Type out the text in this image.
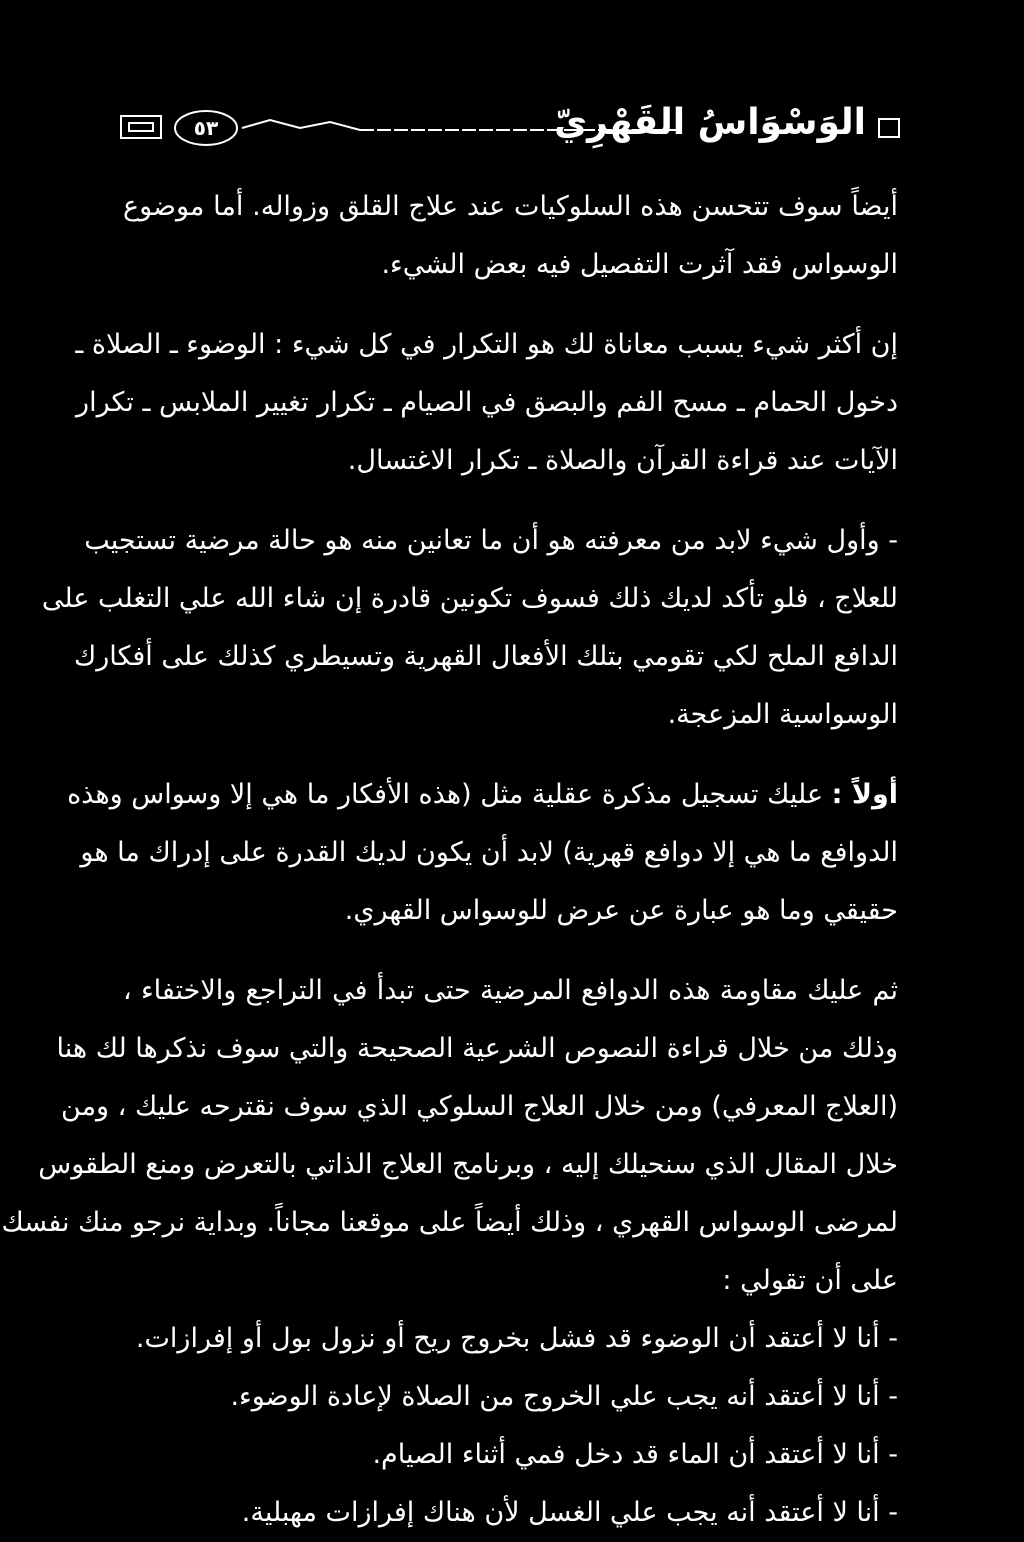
٥٣	الوَسْوَاسُ القَهْرِيّ
أيضاً سوف تتحسن هذه السلوكيات عند علاج القلق وزواله. أما موضوع
الوسواس فقد آثرت التفصيل فيه بعض الشيء.
إن أكثر شيء يسبب معاناة لك هو التكرار في كل شيء : الوضوء ـ الصلاة ـ
دخول الحمام ـ مسح الفم والبصق في الصيام ـ تكرار تغيير الملابس ـ تكرار
الآيات عند قراءة القرآن والصلاة ـ تكرار الاغتسال.
- وأول شيء لابد من معرفته هو أن ما تعانين منه هو حالة مرضية تستجيب
للعلاج ، فلو تأكد لديك ذلك فسوف تكونين قادرة إن شاء الله علي التغلب على
الدافع الملح لكي تقومي بتلك الأفعال القهرية وتسيطري كذلك على أفكارك
الوسواسية المزعجة.
أولاً : عليك تسجيل مذكرة عقلية مثل (هذه الأفكار ما هي إلا وسواس وهذه
الدوافع ما هي إلا دوافع قهرية) لابد أن يكون لديك القدرة على إدراك ما هو
حقيقي وما هو عبارة عن عرض للوسواس القهري.
ثم عليك مقاومة هذه الدوافع المرضية حتى تبدأ في التراجع والاختفاء ،
وذلك من خلال قراءة النصوص الشرعية الصحيحة والتي سوف نذكرها لك هنا
(العلاج المعرفي) ومن خلال العلاج السلوكي الذي سوف نقترحه عليك ، ومن
خلال المقال الذي سنحيلك إليه ، وبرنامج العلاج الذاتي بالتعرض ومنع الطقوس
لمرضى الوسواس القهري ، وذلك أيضاً على موقعنا مجاناً. وبداية نرجو منك نفسك
على أن تقولي :
- أنا لا أعتقد أن الوضوء قد فشل بخروج ريح أو نزول بول أو إفرازات.
- أنا لا أعتقد أنه يجب علي الخروج من الصلاة لإعادة الوضوء.
- أنا لا أعتقد أن الماء قد دخل فمي أثناء الصيام.
- أنا لا أعتقد أنه يجب علي الغسل لأن هناك إفرازات مهبلية.
